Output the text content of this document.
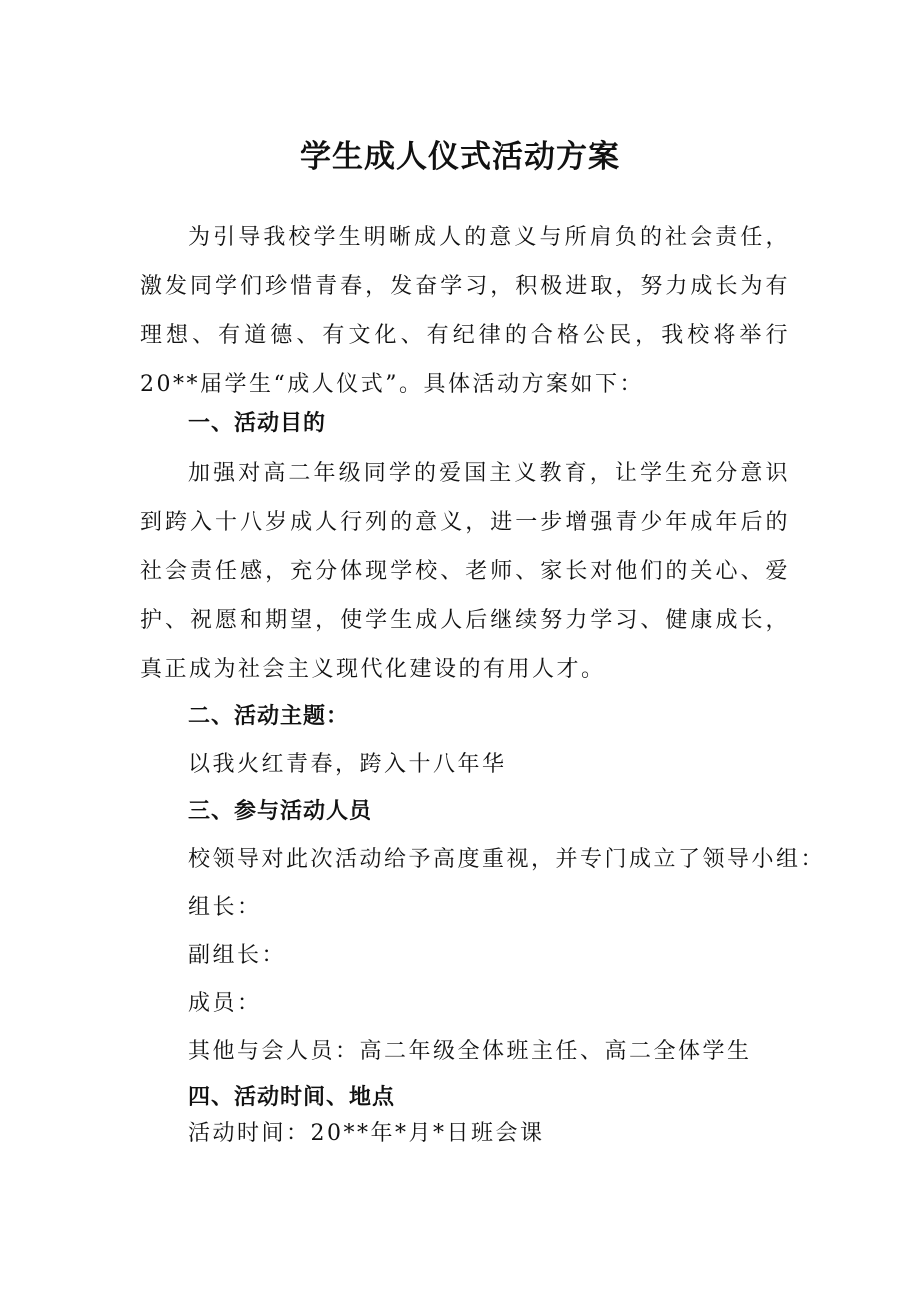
学生成人仪式活动方案
为引导我校学生明晰成人的意义与所肩负的社会责任，激发同学们珍惜青春，发奋学习，积极进取，努力成长为有理想、有道德、有文化、有纪律的合格公民，我校将举行20**届学生“成人仪式”。具体活动方案如下：
一、活动目的
加强对高二年级同学的爱国主义教育，让学生充分意识到跨入十八岁成人行列的意义，进一步增强青少年成年后的社会责任感，充分体现学校、老师、家长对他们的关心、爱护、祝愿和期望，使学生成人后继续努力学习、健康成长，真正成为社会主义现代化建设的有用人才。
二、活动主题：
以我火红青春，跨入十八年华
三、参与活动人员
校领导对此次活动给予高度重视，并专门成立了领导小组：
组长：
副组长：
成员：
其他与会人员：高二年级全体班主任、高二全体学生
四、活动时间、地点
活动时间：20**年*月*日班会课
